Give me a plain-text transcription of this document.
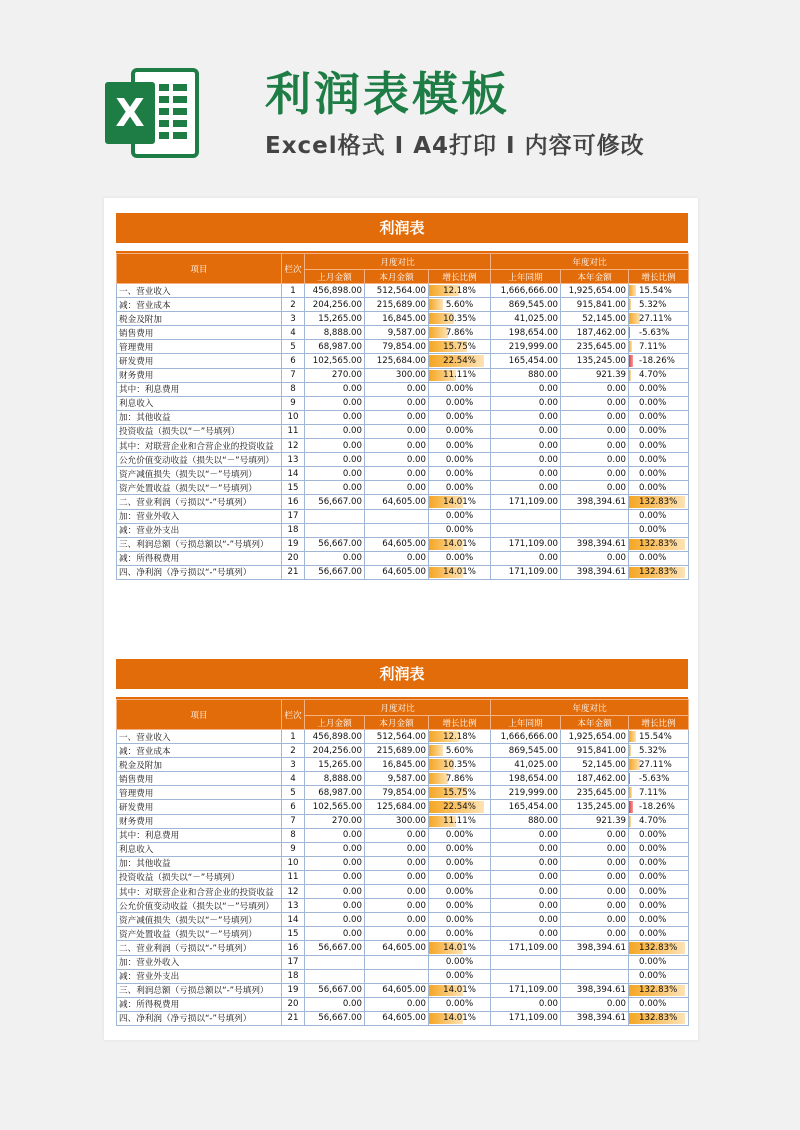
X	利润表模板
Excel格式 Ⅰ A4打印 Ⅰ 内容可修改
利润表
项目	栏次	月度对比			年度对比		
		上月金额	本月金额	增长比例	上年同期	本年金额	增长比例
一、营业收入	1	456,898.00	512,564.00	12.18%	1,666,666.00	1,925,654.00	15.54%
减：营业成本	2	204,256.00	215,689.00	5.60%	869,545.00	915,841.00	5.32%
税金及附加	3	15,265.00	16,845.00	10.35%	41,025.00	52,145.00	27.11%
销售费用	4	8,888.00	9,587.00	7.86%	198,654.00	187,462.00	-5.63%
管理费用	5	68,987.00	79,854.00	15.75%	219,999.00	235,645.00	7.11%
研发费用	6	102,565.00	125,684.00	22.54%	165,454.00	135,245.00	-18.26%
财务费用	7	270.00	300.00	11.11%	880.00	921.39	4.70%
其中：利息费用	8	0.00	0.00	0.00%	0.00	0.00	0.00%
利息收入	9	0.00	0.00	0.00%	0.00	0.00	0.00%
加：其他收益	10	0.00	0.00	0.00%	0.00	0.00	0.00%
投资收益（损失以“－”号填列）	11	0.00	0.00	0.00%	0.00	0.00	0.00%
其中：对联营企业和合营企业的投资收益	12	0.00	0.00	0.00%	0.00	0.00	0.00%
公允价值变动收益（损失以“－”号填列）	13	0.00	0.00	0.00%	0.00	0.00	0.00%
资产减值损失（损失以“－”号填列）	14	0.00	0.00	0.00%	0.00	0.00	0.00%
资产处置收益（损失以“－”号填列）	15	0.00	0.00	0.00%	0.00	0.00	0.00%
二、营业利润（亏损以“-”号填列）	16	56,667.00	64,605.00	14.01%	171,109.00	398,394.61	132.83%
加：营业外收入	17			0.00%			0.00%
减：营业外支出	18			0.00%			0.00%
三、利润总额（亏损总额以“-”号填列）	19	56,667.00	64,605.00	14.01%	171,109.00	398,394.61	132.83%
减：所得税费用	20	0.00	0.00	0.00%	0.00	0.00	0.00%
四、净利润（净亏损以“-”号填列）	21	56,667.00	64,605.00	14.01%	171,109.00	398,394.61	132.83%
利润表
项目	栏次	月度对比			年度对比		
		上月金额	本月金额	增长比例	上年同期	本年金额	增长比例
一、营业收入	1	456,898.00	512,564.00	12.18%	1,666,666.00	1,925,654.00	15.54%
减：营业成本	2	204,256.00	215,689.00	5.60%	869,545.00	915,841.00	5.32%
税金及附加	3	15,265.00	16,845.00	10.35%	41,025.00	52,145.00	27.11%
销售费用	4	8,888.00	9,587.00	7.86%	198,654.00	187,462.00	-5.63%
管理费用	5	68,987.00	79,854.00	15.75%	219,999.00	235,645.00	7.11%
研发费用	6	102,565.00	125,684.00	22.54%	165,454.00	135,245.00	-18.26%
财务费用	7	270.00	300.00	11.11%	880.00	921.39	4.70%
其中：利息费用	8	0.00	0.00	0.00%	0.00	0.00	0.00%
利息收入	9	0.00	0.00	0.00%	0.00	0.00	0.00%
加：其他收益	10	0.00	0.00	0.00%	0.00	0.00	0.00%
投资收益（损失以“－”号填列）	11	0.00	0.00	0.00%	0.00	0.00	0.00%
其中：对联营企业和合营企业的投资收益	12	0.00	0.00	0.00%	0.00	0.00	0.00%
公允价值变动收益（损失以“－”号填列）	13	0.00	0.00	0.00%	0.00	0.00	0.00%
资产减值损失（损失以“－”号填列）	14	0.00	0.00	0.00%	0.00	0.00	0.00%
资产处置收益（损失以“－”号填列）	15	0.00	0.00	0.00%	0.00	0.00	0.00%
二、营业利润（亏损以“-”号填列）	16	56,667.00	64,605.00	14.01%	171,109.00	398,394.61	132.83%
加：营业外收入	17			0.00%			0.00%
减：营业外支出	18			0.00%			0.00%
三、利润总额（亏损总额以“-”号填列）	19	56,667.00	64,605.00	14.01%	171,109.00	398,394.61	132.83%
减：所得税费用	20	0.00	0.00	0.00%	0.00	0.00	0.00%
四、净利润（净亏损以“-”号填列）	21	56,667.00	64,605.00	14.01%	171,109.00	398,394.61	132.83%
